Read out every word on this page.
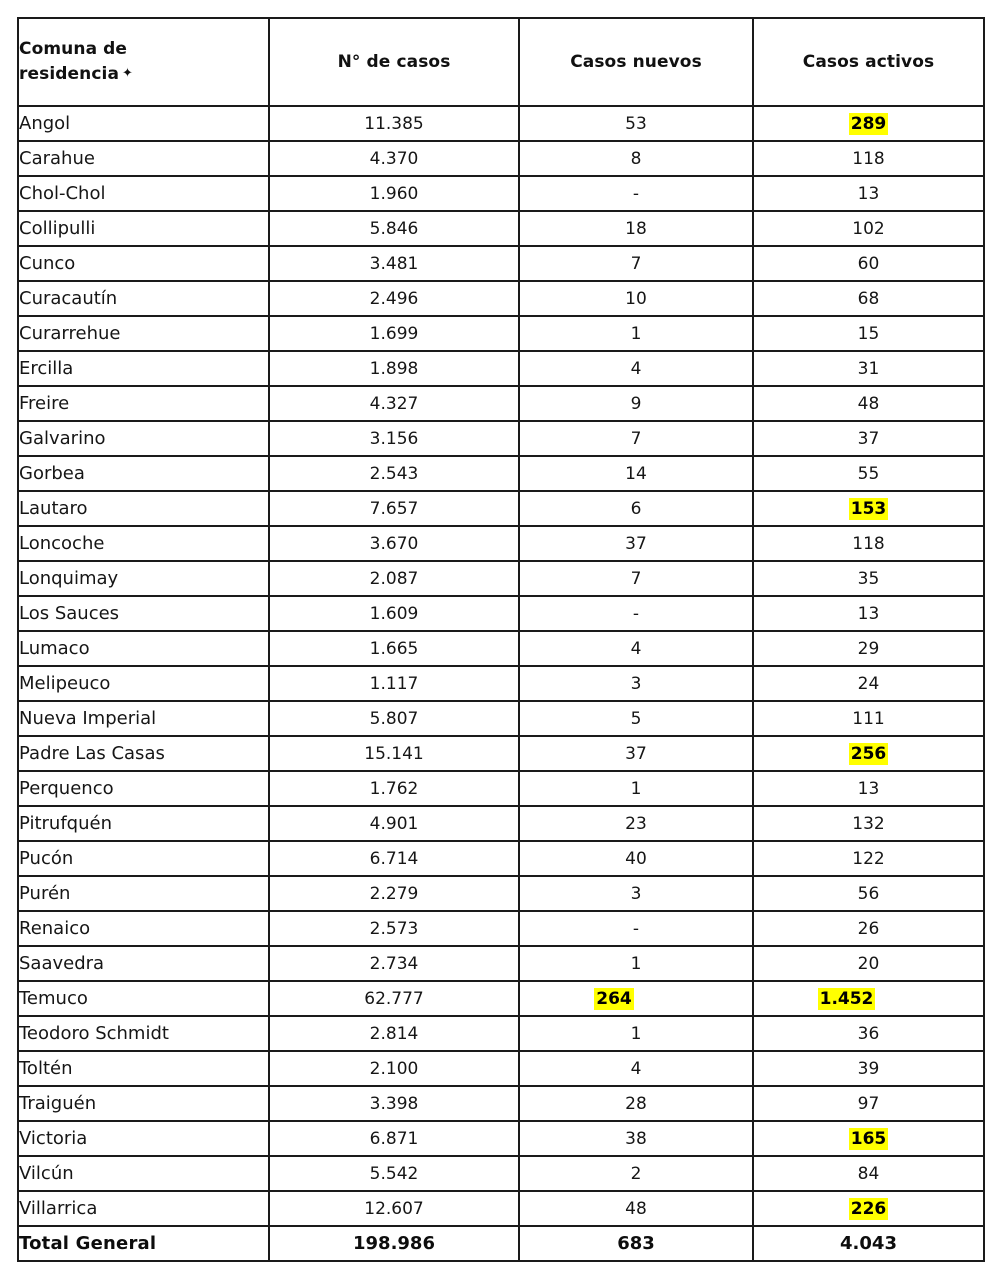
Comuna de
residencia ✦	N° de casos	Casos nuevos	Casos activos
Angol	11.385	53	289
Carahue	4.370	8	118
Chol-Chol	1.960	-	13
Collipulli	5.846	18	102
Cunco	3.481	7	60
Curacautín	2.496	10	68
Curarrehue	1.699	1	15
Ercilla	1.898	4	31
Freire	4.327	9	48
Galvarino	3.156	7	37
Gorbea	2.543	14	55
Lautaro	7.657	6	153
Loncoche	3.670	37	118
Lonquimay	2.087	7	35
Los Sauces	1.609	-	13
Lumaco	1.665	4	29
Melipeuco	1.117	3	24
Nueva Imperial	5.807	5	111
Padre Las Casas	15.141	37	256
Perquenco	1.762	1	13
Pitrufquén	4.901	23	132
Pucón	6.714	40	122
Purén	2.279	3	56
Renaico	2.573	-	26
Saavedra	2.734	1	20
Temuco	62.777	264	1.452
Teodoro Schmidt	2.814	1	36
Toltén	2.100	4	39
Traiguén	3.398	28	97
Victoria	6.871	38	165
Vilcún	5.542	2	84
Villarrica	12.607	48	226
Total General	198.986	683	4.043
